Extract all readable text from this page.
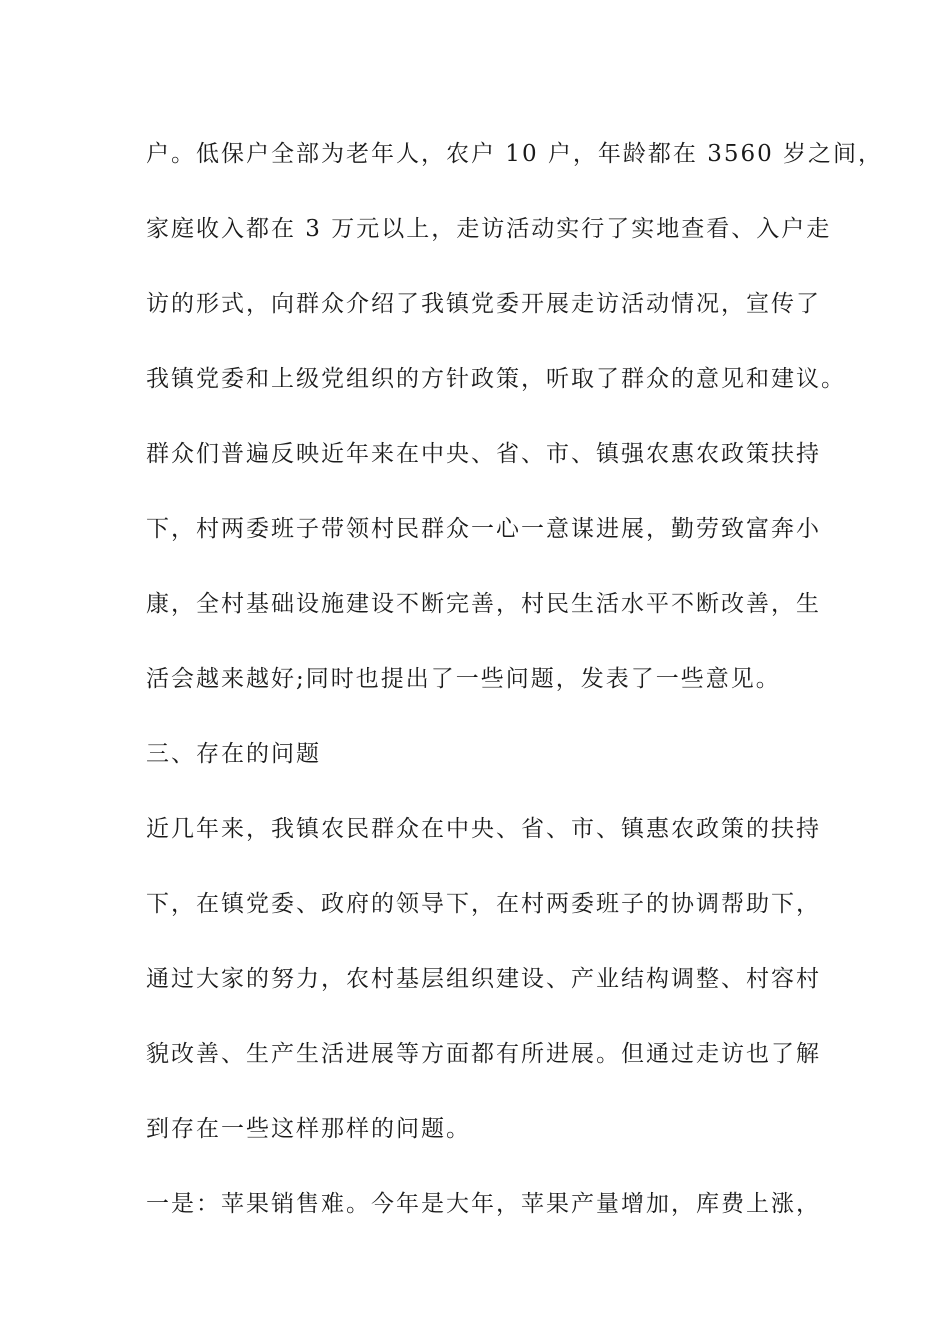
户。低保户全部为老年人，农户 10 户，年龄都在 3560 岁之间，
家庭收入都在 3 万元以上，走访活动实行了实地查看、入户走
访的形式，向群众介绍了我镇党委开展走访活动情况，宣传了
我镇党委和上级党组织的方针政策，听取了群众的意见和建议。
群众们普遍反映近年来在中央、省、市、镇强农惠农政策扶持
下，村两委班子带领村民群众一心一意谋进展，勤劳致富奔小
康，全村基础设施建设不断完善，村民生活水平不断改善，生
活会越来越好;同时也提出了一些问题，发表了一些意见。
三、存在的问题
近几年来，我镇农民群众在中央、省、市、镇惠农政策的扶持
下，在镇党委、政府的领导下，在村两委班子的协调帮助下，
通过大家的努力，农村基层组织建设、产业结构调整、村容村
貌改善、生产生活进展等方面都有所进展。但通过走访也了解
到存在一些这样那样的问题。
一是：苹果销售难。今年是大年，苹果产量增加，库费上涨，
